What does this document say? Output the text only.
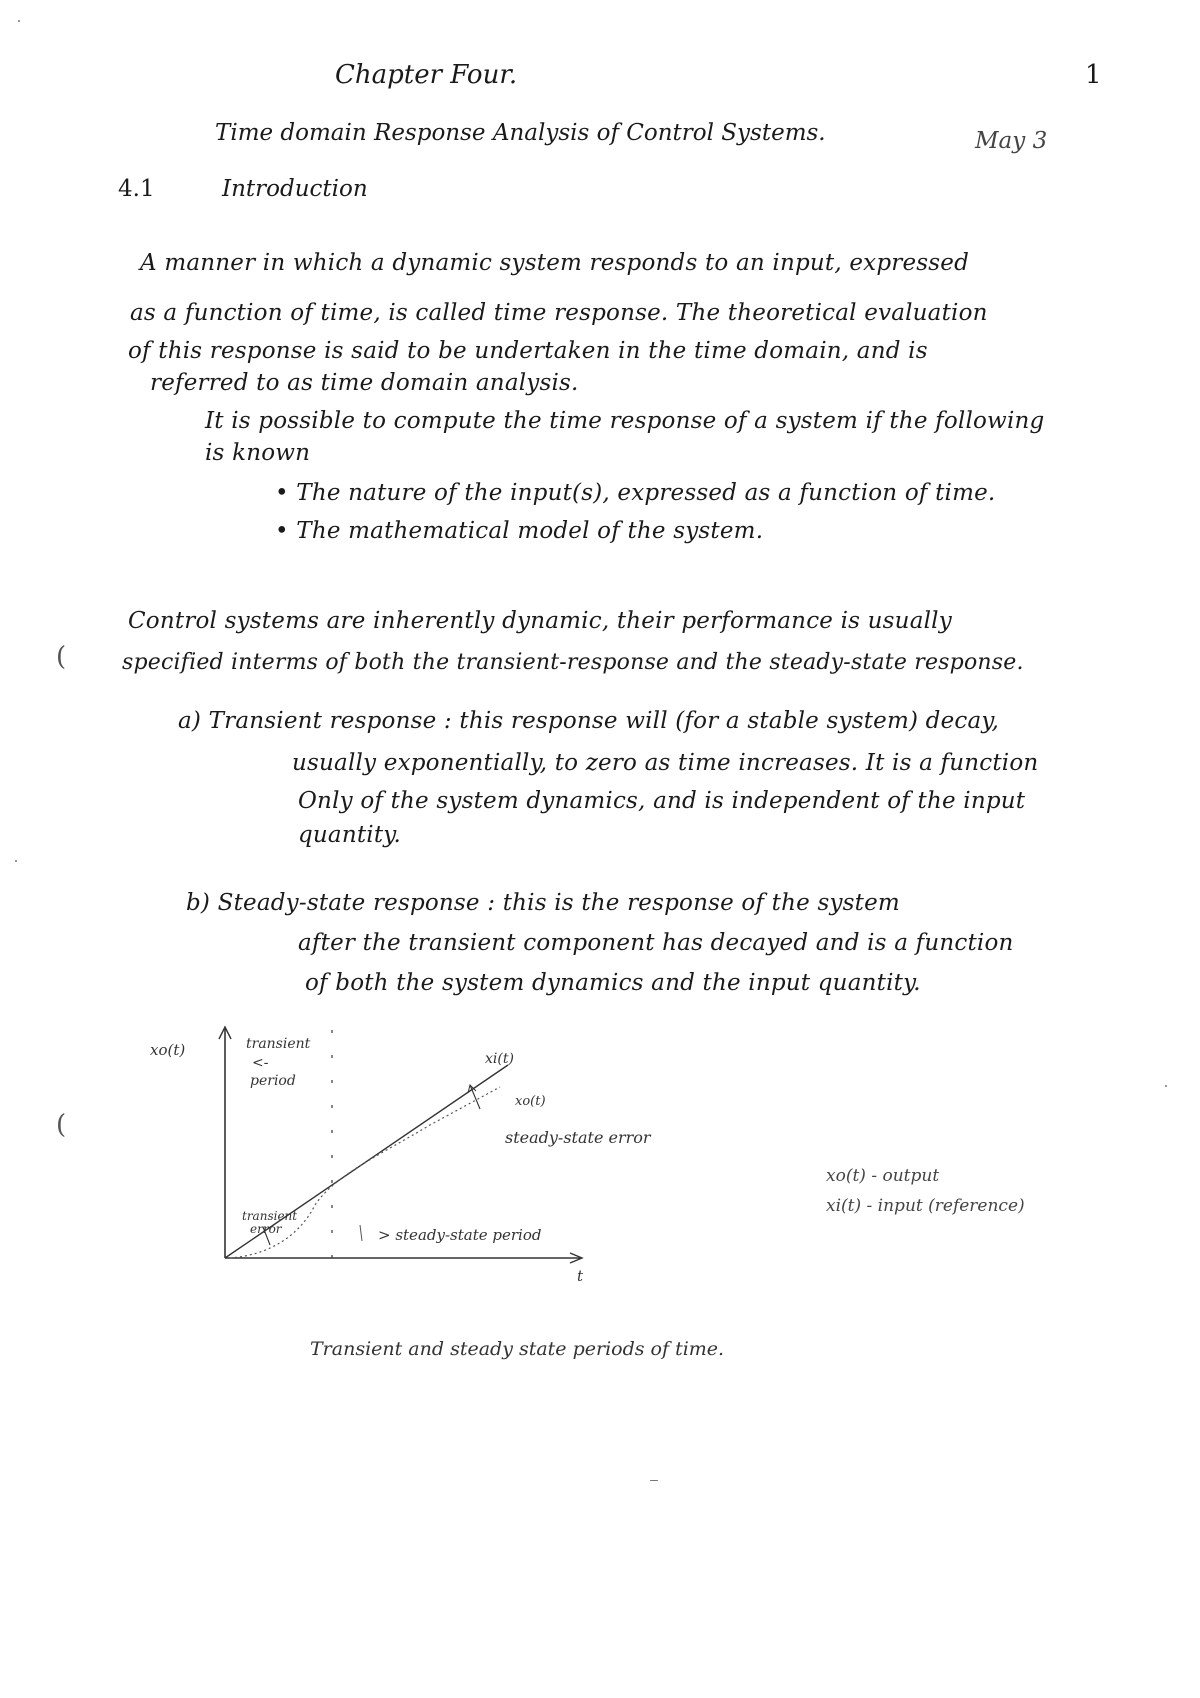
Chapter Four.	1
Time domain Response Analysis of Control Systems.	May 3
4.1	Introduction
A manner in which a dynamic system responds to an input, expressed
as a function of time, is called time response. The theoretical evaluation
of this response is said to be undertaken in the time domain, and is
referred to as time domain analysis.
It is possible to compute the time response of a system if the following
is known
• The nature of the input(s), expressed as a function of time.
• The mathematical model of the system.
Control systems are inherently dynamic, their performance is usually
specified interms of both the transient-response and the steady-state response.
a) Transient response : this response will (for a stable system) decay,
usually exponentially, to zero as time increases. It is a function
Only of the system dynamics, and is independent of the input
quantity.
b) Steady-state response : this is the response of the system
after the transient component has decayed and is a function
of both the system dynamics and the input quantity.
xo(t)	transient
<-
period
xi(t)
xo(t)
steady-state error
transient
error	> steady-state period
t
xo(t) - output
xi(t) - input (reference)
Transient and steady state periods of time.
(
(
